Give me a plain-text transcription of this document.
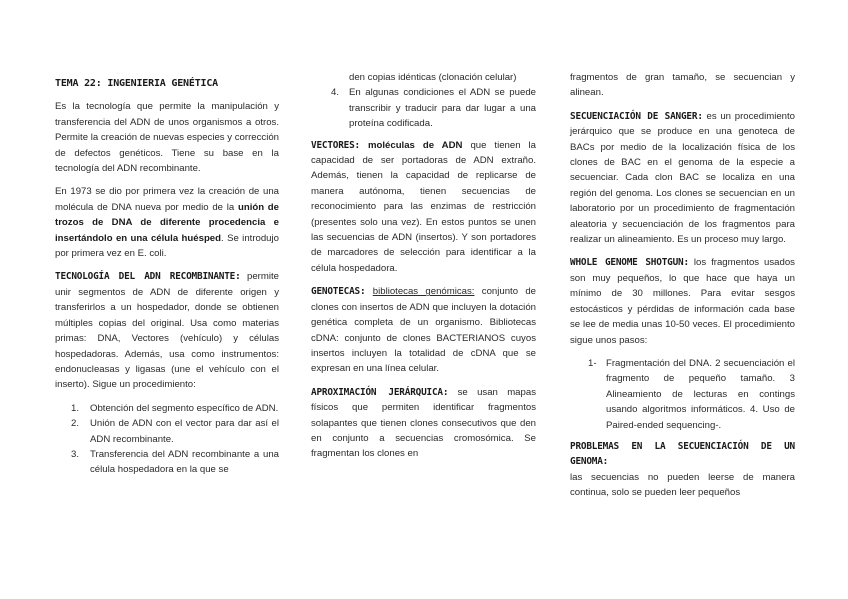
TEMA 22: INGENIERIA GENÉTICA

Es la tecnología que permite la manipulación y transferencia del ADN de unos organismos a otros. Permite la creación de nuevas especies y corrección de defectos genéticos. Tiene su base en la tecnología del ADN recombinante.

En 1973 se dio por primera vez la creación de una molécula de DNA nueva por medio de la unión de trozos de DNA de diferente procedencia e insertándolo en una célula huésped. Se introdujo por primera vez en E. coli.

TECNOLOGÍA DEL ADN RECOMBINANTE: permite unir segmentos de ADN de diferente origen y transferirlos a un hospedador, donde se obtienen múltiples copias del original. Usa como materias primas: DNA, Vectores (vehículo) y células hospedadoras. Además, usa como instrumentos: endonucleasas y ligasas (une el vehículo con el inserto). Sigue un procedimiento:

1. Obtención del segmento específico de ADN.
2. Unión de ADN con el vector para dar así el ADN recombinante.
3. Transferencia del ADN recombinante a una célula hospedadora en la que se
den copias idénticas (clonación celular)
4. En algunas condiciones el ADN se puede transcribir y traducir para dar lugar a una proteína codificada.

VECTORES: moléculas de ADN que tienen la capacidad de ser portadoras de ADN extraño. Además, tienen la capacidad de replicarse de manera autónoma, tienen secuencias de reconocimiento para las enzimas de restricción (presentes solo una vez). En estos puntos se unen las secuencias de ADN (insertos). Y son portadores de marcadores de selección para identificar a la célula hospedadora.

GENOTECAS: bibliotecas genómicas: conjunto de clones con insertos de ADN que incluyen la dotación genética completa de un organismo. Bibliotecas cDNA: conjunto de clones BACTERIANOS cuyos insertos incluyen la totalidad de cDNA que se expresan en una línea celular.

APROXIMACIÓN JERÁRQUICA: se usan mapas físicos que permiten identificar fragmentos solapantes que tienen clones consecutivos que den en conjunto a secuencias cromosómica. Se fragmentan los clones en

fragmentos de gran tamaño, se secuencian y alinean.

SECUENCIACIÓN DE SANGER: es un procedimiento jerárquico que se produce en una genoteca de BACs por medio de la localización física de los clones de BAC en el genoma de la especie a secuenciar. Cada clon BAC se localiza en una región del genoma. Los clones se secuencian en un laboratorio por un procedimiento de fragmentación aleatoria y secuenciación de los fragmentos para realizar un alineamiento. Es un proceso muy largo.

WHOLE GENOME SHOTGUN: los fragmentos usados son muy pequeños, lo que hace que haya un mínimo de 30 millones. Para evitar sesgos estocásticos y pérdidas de información cada base se lee de media unas 10-50 veces. El procedimiento sigue unos pasos:

1- Fragmentación del DNA. 2 secuenciación el fragmento de pequeño tamaño. 3 Alineamiento de lecturas en contings usando algoritmos informáticos. 4. Uso de Paired-ended sequencing-.
PROBLEMAS EN LA SECUENCIACIÓN DE UN GENOMA:

las secuencias no pueden leerse de manera continua, solo se pueden leer pequeños
